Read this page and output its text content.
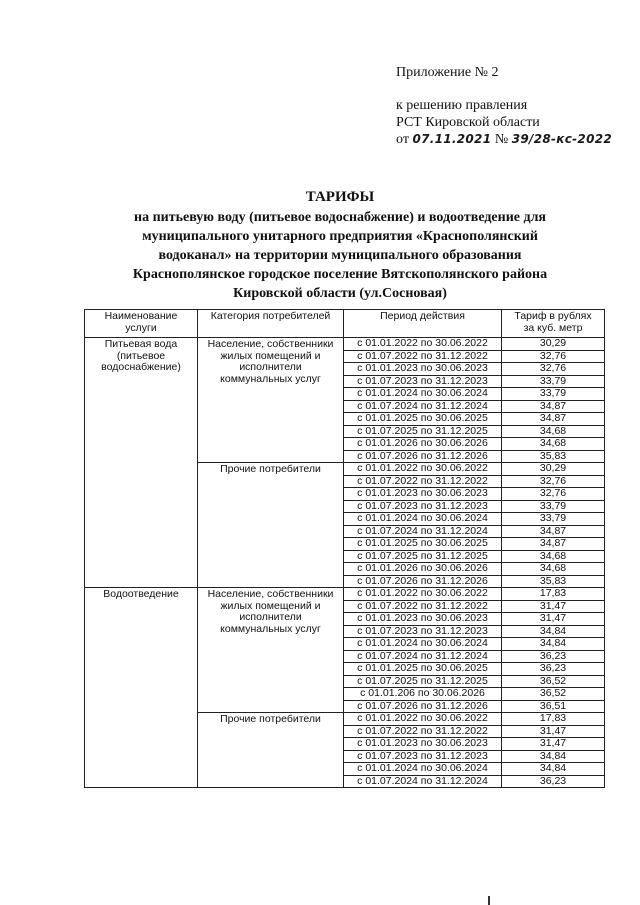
Приложение № 2
к решению правления
РСТ Кировской области
от 07.11.2021 № 39/28-кс-2022
ТАРИФЫ
на питьевую воду (питьевое водоснабжение) и водоотведение для
муниципального унитарного предприятия «Краснополянский
водоканал» на территории муниципального образования
Краснополянское городское поселение Вятскополянского района
Кировской области (ул.Сосновая)
Наименование
услуги	Категория потребителей	Период действия	Тариф в рублях
за куб. метр
Питьевая вода
(питьевое
водоснабжение)	Население, собственники
жилых помещений и
исполнители
коммунальных услуг	с 01.01.2022 по 30.06.2022	30,29
		с 01.07.2022 по 31.12.2022	32,76
		с 01.01.2023 по 30.06.2023	32,76
		с 01.07.2023 по 31.12.2023	33,79
		с 01.01.2024 по 30.06.2024	33,79
		с 01.07.2024 по 31.12.2024	34,87
		с 01.01.2025 по 30.06.2025	34,87
		с 01.07.2025 по 31.12.2025	34,68
		с 01.01.2026 по 30.06.2026	34,68
		с 01.07.2026 по 31.12.2026	35,83
	Прочие потребители	с 01.01.2022 по 30.06.2022	30,29
		с 01.07.2022 по 31.12.2022	32,76
		с 01.01.2023 по 30.06.2023	32,76
		с 01.07.2023 по 31.12.2023	33,79
		с 01.01.2024 по 30.06.2024	33,79
		с 01.07.2024 по 31.12.2024	34,87
		с 01.01.2025 по 30.06.2025	34,87
		с 01.07.2025 по 31.12.2025	34,68
		с 01.01.2026 по 30.06.2026	34,68
		с 01.07.2026 по 31.12.2026	35,83
Водоотведение	Население, собственники
жилых помещений и
исполнители
коммунальных услуг	с 01.01.2022 по 30.06.2022	17,83
		с 01.07.2022 по 31.12.2022	31,47
		с 01.01.2023 по 30.06.2023	31,47
		с 01.07.2023 по 31.12.2023	34,84
		с 01.01.2024 по 30.06.2024	34,84
		с 01.07.2024 по 31.12.2024	36,23
		с 01.01.2025 по 30.06.2025	36,23
		с 01.07.2025 по 31.12.2025	36,52
		с 01.01.206 по 30.06.2026	36,52
		с 01.07.2026 по 31.12.2026	36,51
	Прочие потребители	с 01.01.2022 по 30.06.2022	17,83
		с 01.07.2022 по 31.12.2022	31,47
		с 01.01.2023 по 30.06.2023	31,47
		с 01.07.2023 по 31.12.2023	34,84
		с 01.01.2024 по 30.06.2024	34,84
		с 01.07.2024 по 31.12.2024	36,23
